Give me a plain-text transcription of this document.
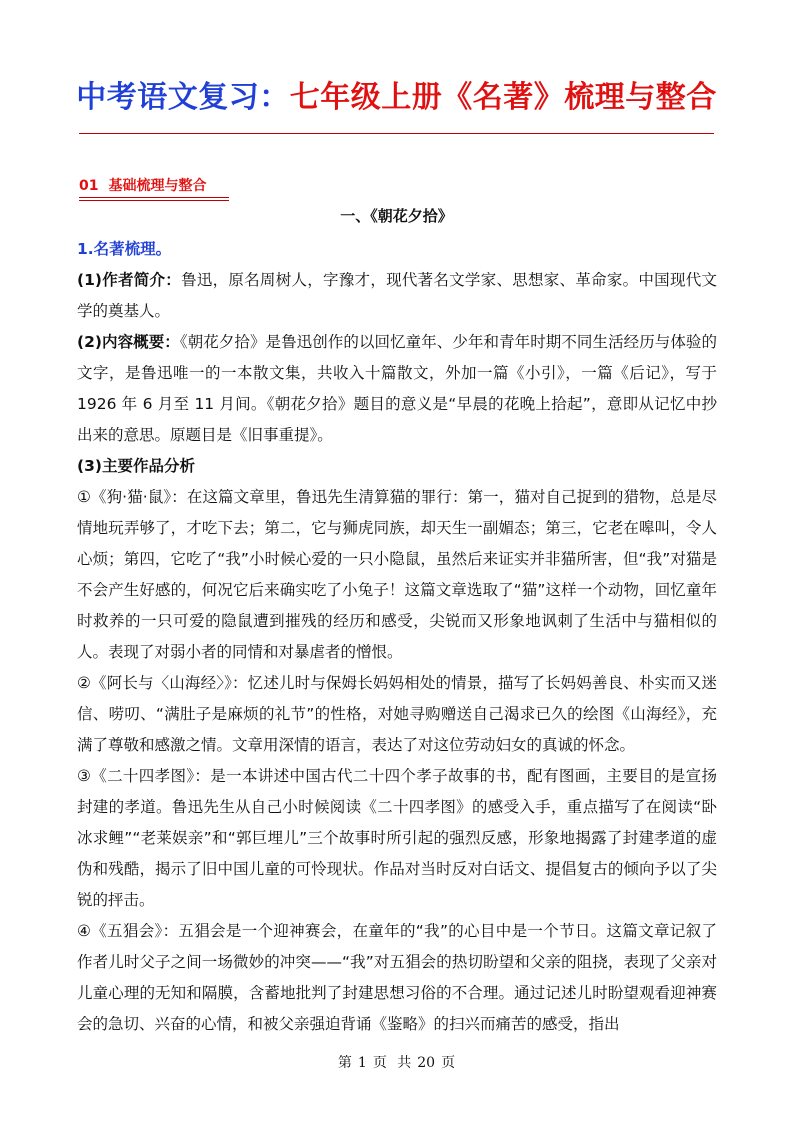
中考语文复习：七年级上册《名著》梳理与整合
01 基础梳理与整合
一、《朝花夕拾》

1.名著梳理。

(1)作者简介：鲁迅，原名周树人，字豫才，现代著名文学家、思想家、革命家。中国现代文学的奠基人。

(2)内容概要：《朝花夕拾》是鲁迅创作的以回忆童年、少年和青年时期不同生活经历与体验的文字，是鲁迅唯一的一本散文集，共收入十篇散文，外加一篇《小引》，一篇《后记》，写于 1926 年 6 月至 11 月间。《朝花夕拾》题目的意义是“早晨的花晚上拾起”，意即从记忆中抄出来的意思。原题目是《旧事重提》。

(3)主要作品分析

①《狗·猫·鼠》：在这篇文章里，鲁迅先生清算猫的罪行：第一，猫对自己捉到的猎物，总是尽情地玩弄够了，才吃下去；第二，它与狮虎同族，却天生一副媚态；第三，它老在嗥叫，令人心烦；第四，它吃了“我”小时候心爱的一只小隐鼠，虽然后来证实并非猫所害，但“我”对猫是不会产生好感的，何况它后来确实吃了小兔子！这篇文章选取了“猫”这样一个动物，回忆童年时救养的一只可爱的隐鼠遭到摧残的经历和感受，尖锐而又形象地讽刺了生活中与猫相似的人。表现了对弱小者的同情和对暴虐者的憎恨。

②《阿长与〈山海经〉》：忆述儿时与保姆长妈妈相处的情景，描写了长妈妈善良、朴实而又迷信、唠叨、“满肚子是麻烦的礼节”的性格，对她寻购赠送自己渴求已久的绘图《山海经》，充满了尊敬和感激之情。文章用深情的语言，表达了对这位劳动妇女的真诚的怀念。

③《二十四孝图》：是一本讲述中国古代二十四个孝子故事的书，配有图画，主要目的是宣扬封建的孝道。鲁迅先生从自己小时候阅读《二十四孝图》的感受入手，重点描写了在阅读“卧冰求鲤”“老莱娱亲”和“郭巨埋儿”三个故事时所引起的强烈反感，形象地揭露了封建孝道的虚伪和残酷，揭示了旧中国儿童的可怜现状。作品对当时反对白话文、提倡复古的倾向予以了尖锐的抨击。

④《五猖会》：五猖会是一个迎神赛会，在童年的“我”的心目中是一个节日。这篇文章记叙了作者儿时父子之间一场微妙的冲突——“我”对五猖会的热切盼望和父亲的阻挠，表现了父亲对儿童心理的无知和隔膜，含蓄地批判了封建思想习俗的不合理。通过记述儿时盼望观看迎神赛会的急切、兴奋的心情，和被父亲强迫背诵《鉴略》的扫兴而痛苦的感受，指出

第 1 页 共 20 页
